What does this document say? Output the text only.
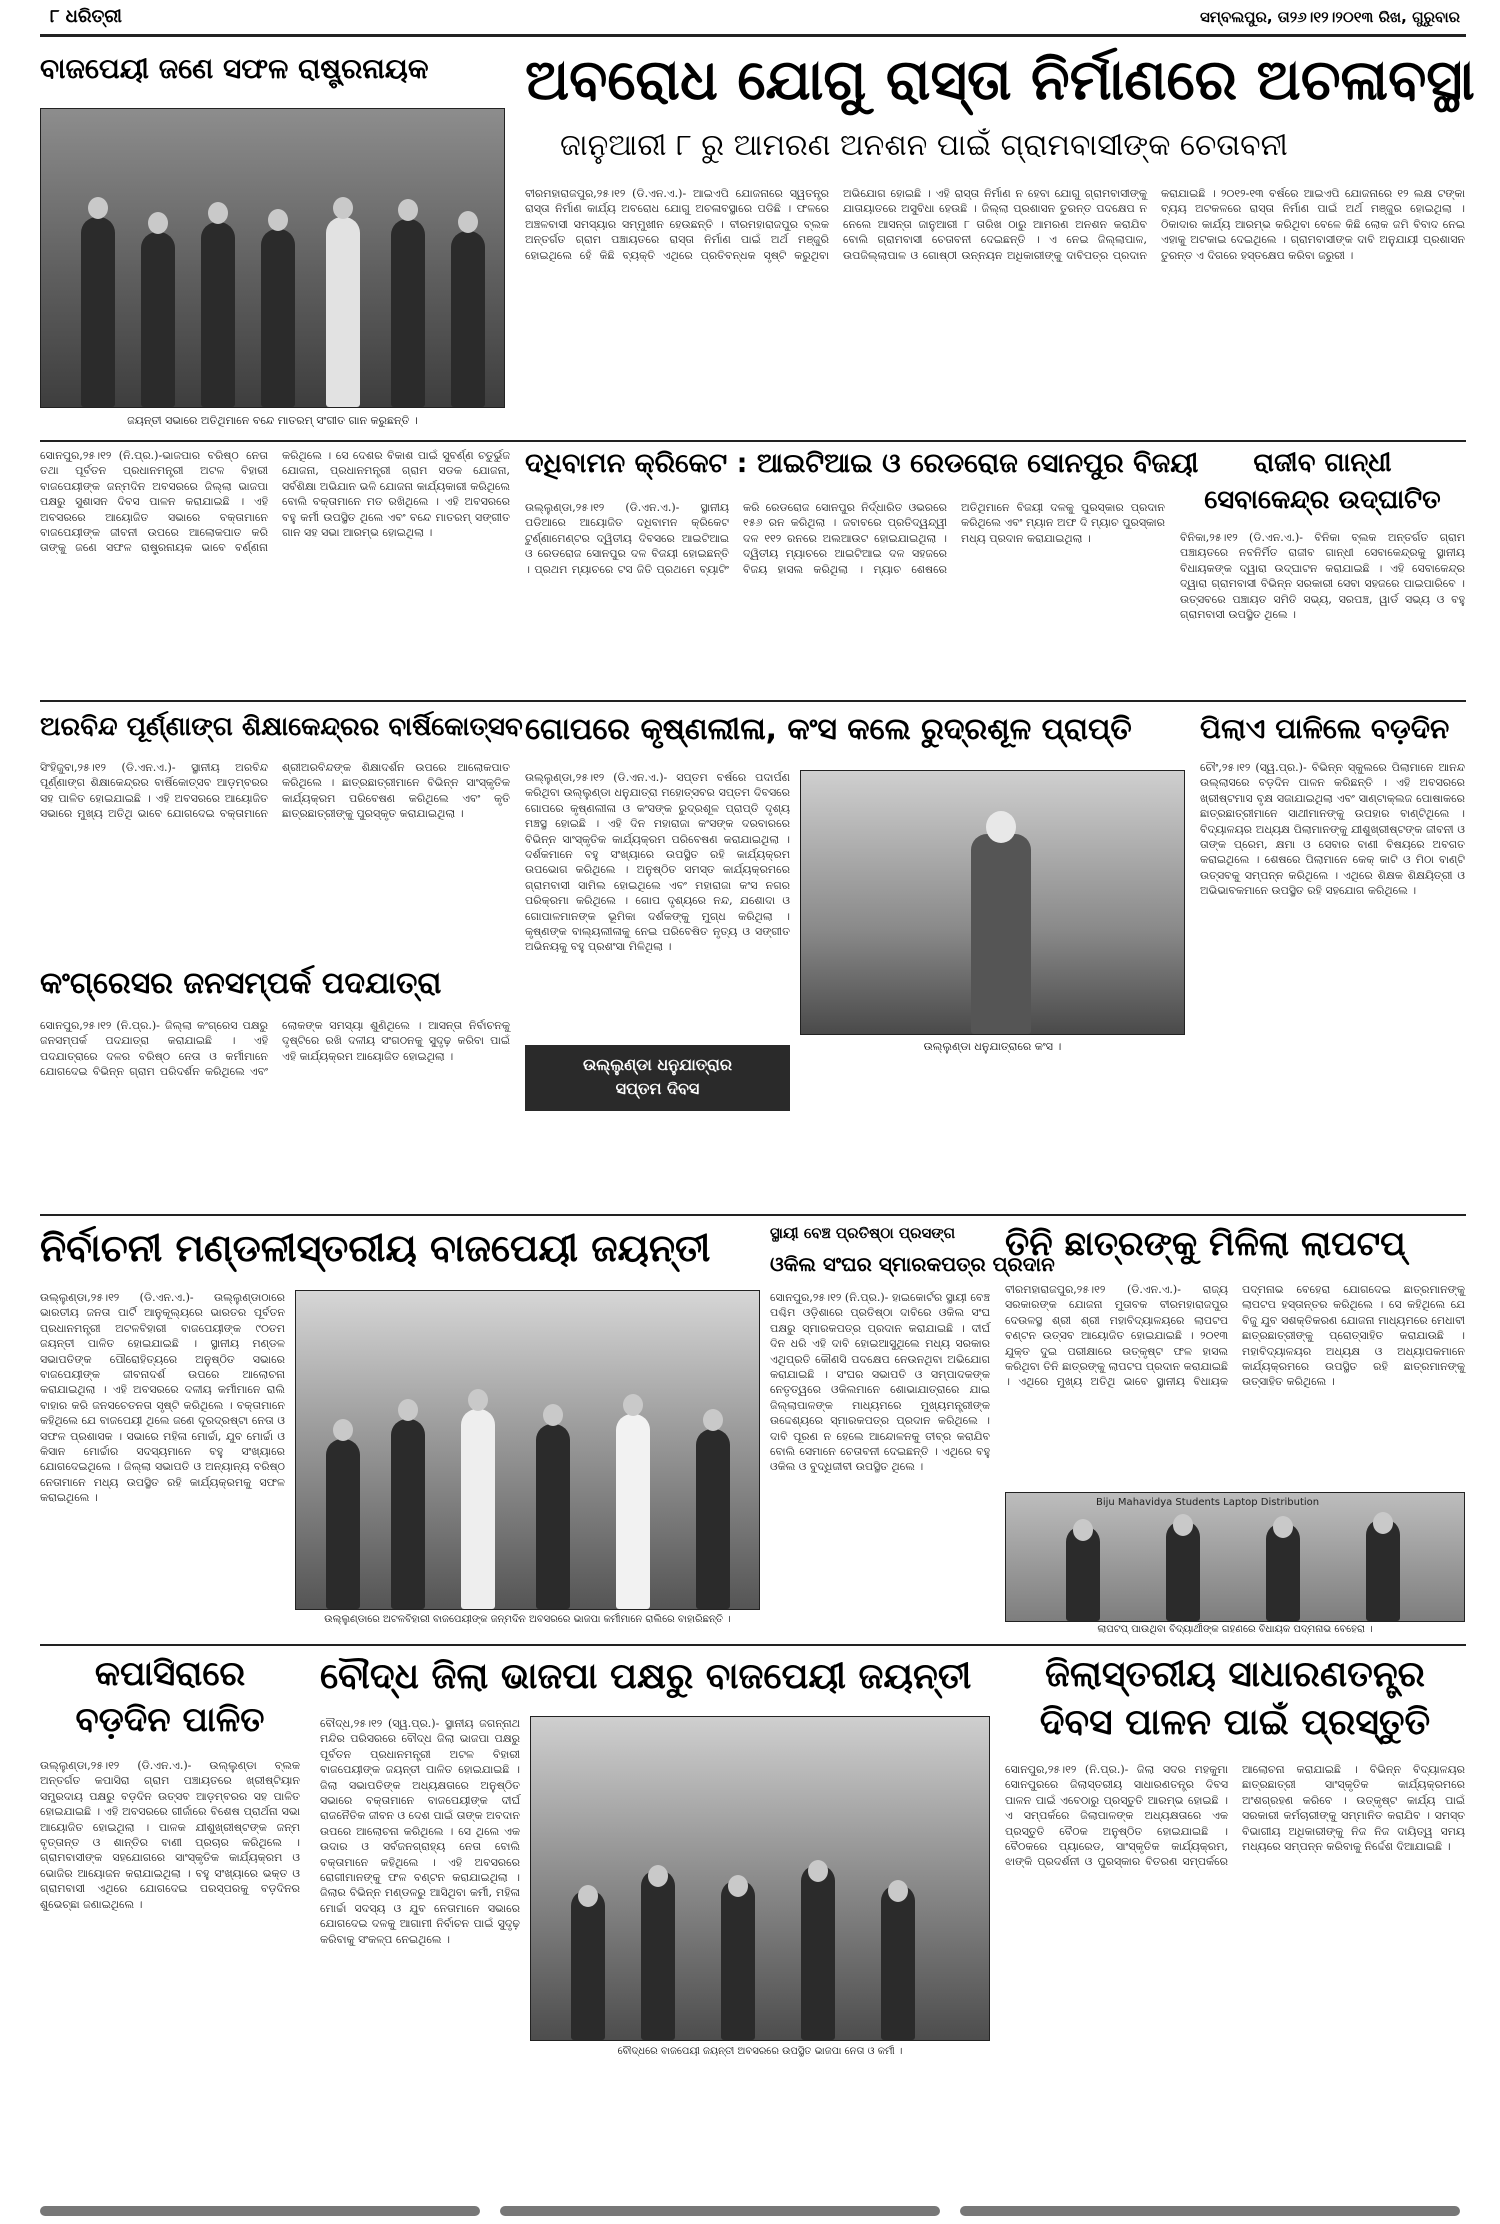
୮ ଧରିତ୍ରୀ	ସମ୍ବଲପୁର, ତା୨୬।୧୨।୨୦୧୩ ରିଖ, ଗୁରୁବାର
ବାଜପେୟୀ ଜଣେ ସଫଳ ରାଷ୍ଟ୍ରନାୟକ
ଜୟନ୍ତୀ ସଭାରେ ଅତିଥିମାନେ ବନ୍ଦେ ମାତରମ୍ ସଂଗୀତ ଗାନ କରୁଛନ୍ତି ।
ଅବରୋଧ ଯୋଗୁ ରାସ୍ତା ନିର୍ମାଣରେ ଅଚଳାବସ୍ଥା
ଜାନୁଆରୀ ୮ ରୁ ଆମରଣ ଅନଶନ ପାଇଁ ଗ୍ରାମବାସୀଙ୍କ ଚେତାବନୀ
ବୀରମହାରାଜପୁର,୨୫।୧୨ (ଡି.ଏନ.ଏ.)- ଆଇଏପି ଯୋଜନାରେ ସ୍ୱତନ୍ତ୍ର ରାସ୍ତା ନିର୍ମାଣ କାର୍ଯ୍ୟ ଅବରୋଧ ଯୋଗୁ ଅଚଳାବସ୍ଥାରେ ପଡିଛି । ଫଳରେ ଅଞ୍ଚଳବାସୀ ସମସ୍ୟାର ସମ୍ମୁଖୀନ ହେଉଛନ୍ତି । ବୀରମହାରାଜପୁର ବ୍ଲକ ଅନ୍ତର୍ଗତ ଗ୍ରାମ ପଞ୍ଚାୟତରେ ରାସ୍ତା ନିର୍ମାଣ ପାଇଁ ଅର୍ଥ ମଞ୍ଜୁରି ହୋଇଥିଲେ ହେଁ କିଛି ବ୍ୟକ୍ତି ଏଥିରେ ପ୍ରତିବନ୍ଧକ ସୃଷ୍ଟି କରୁଥିବା ଅଭିଯୋଗ ହୋଇଛି । ଏହି ରାସ୍ତା ନିର୍ମାଣ ନ ହେବା ଯୋଗୁ ଗ୍ରାମବାସୀଙ୍କୁ ଯାତାୟାତରେ ଅସୁବିଧା ହେଉଛି । ଜିଲ୍ଲା ପ୍ରଶାସନ ତୁରନ୍ତ ପଦକ୍ଷେପ ନ ନେଲେ ଆସନ୍ତା ଜାନୁଆରୀ ୮ ତାରିଖ ଠାରୁ ଆମରଣ ଅନଶନ କରାଯିବ ବୋଲି ଗ୍ରାମବାସୀ ଚେତାବନୀ ଦେଇଛନ୍ତି । ଏ ନେଇ ଜିଲ୍ଲାପାଳ, ଉପଜିଲ୍ଲାପାଳ ଓ ଗୋଷ୍ଠୀ ଉନ୍ନୟନ ଅଧିକାରୀଙ୍କୁ ଦାବିପତ୍ର ପ୍ରଦାନ କରାଯାଇଛି । ୨୦୧୨-୧୩ ବର୍ଷରେ ଆଇଏପି ଯୋଜନାରେ ୧୨ ଲକ୍ଷ ଟଙ୍କା ବ୍ୟୟ ଅଟକଳରେ ରାସ୍ତା ନିର୍ମାଣ ପାଇଁ ଅର୍ଥ ମଞ୍ଜୁର ହୋଇଥିଲା । ଠିକାଦାର କାର୍ଯ୍ୟ ଆରମ୍ଭ କରିଥିବା ବେଳେ କିଛି ଲୋକ ଜମି ବିବାଦ ନେଇ ଏହାକୁ ଅଟକାଇ ଦେଇଥିଲେ । ଗ୍ରାମବାସୀଙ୍କ ଦାବି ଅନୁଯାୟୀ ପ୍ରଶାସନ ତୁରନ୍ତ ଏ ଦିଗରେ ହସ୍ତକ୍ଷେପ କରିବା ଜରୁରୀ ।
ସୋନପୁର,୨୫।୧୨ (ନି.ପ୍ର.)-ଭାଜପାର ବରିଷ୍ଠ ନେତା ତଥା ପୂର୍ବତନ ପ୍ରଧାନମନ୍ତ୍ରୀ ଅଟଳ ବିହାରୀ ବାଜପେୟୀଙ୍କ ଜନ୍ମଦିନ ଅବସରରେ ଜିଲ୍ଲା ଭାଜପା ପକ୍ଷରୁ ସୁଶାସନ ଦିବସ ପାଳନ କରାଯାଇଛି । ଏହି ଅବସରରେ ଆୟୋଜିତ ସଭାରେ ବକ୍ତାମାନେ ବାଜପେୟୀଙ୍କ ଜୀବନୀ ଉପରେ ଆଲୋକପାତ କରି ତାଙ୍କୁ ଜଣେ ସଫଳ ରାଷ୍ଟ୍ରନାୟକ ଭାବେ ବର୍ଣ୍ଣନା କରିଥିଲେ । ସେ ଦେଶର ବିକାଶ ପାଇଁ ସୁବର୍ଣ୍ଣ ଚତୁର୍ଭୁଜ ଯୋଜନା, ପ୍ରଧାନମନ୍ତ୍ରୀ ଗ୍ରାମ ସଡକ ଯୋଜନା, ସର୍ବଶିକ୍ଷା ଅଭିଯାନ ଭଳି ଯୋଜନା କାର୍ଯ୍ୟକାରୀ କରିଥିଲେ ବୋଲି ବକ୍ତାମାନେ ମତ ରଖିଥିଲେ । ଏହି ଅବସରରେ ବହୁ କର୍ମୀ ଉପସ୍ଥିତ ଥିଲେ ଏବଂ ବନ୍ଦେ ମାତରମ୍ ସଙ୍ଗୀତ ଗାନ ସହ ସଭା ଆରମ୍ଭ ହୋଇଥିଲା ।
ଦଧିବାମନ କ୍ରିକେଟ : ଆଇଟିଆଇ ଓ ରେଡରୋଜ ସୋନପୁର ବିଜୟୀ
ଉଲ୍ଲୁଣ୍ଡା,୨୫।୧୨ (ଡି.ଏନ.ଏ.)- ସ୍ଥାନୀୟ ପଡିଆରେ ଆୟୋଜିତ ଦଧିବାମନ କ୍ରିକେଟ ଟୁର୍ଣ୍ଣାମେଣ୍ଟର ଦ୍ୱିତୀୟ ଦିବସରେ ଆଇଟିଆଇ ଓ ରେଡରୋଜ ସୋନପୁର ଦଳ ବିଜୟୀ ହୋଇଛନ୍ତି । ପ୍ରଥମ ମ୍ୟାଚରେ ଟସ ଜିତି ପ୍ରଥମେ ବ୍ୟାଟିଂ କରି ରେଡରୋଜ ସୋନପୁର ନିର୍ଦ୍ଧାରିତ ଓଭରରେ ୧୫୬ ରନ କରିଥିଲା । ଜବାବରେ ପ୍ରତିଦ୍ୱନ୍ଦ୍ୱୀ ଦଳ ୧୧୨ ରନରେ ଅଲଆଉଟ ହୋଇଯାଇଥିଲା । ଦ୍ୱିତୀୟ ମ୍ୟାଚରେ ଆଇଟିଆଇ ଦଳ ସହଜରେ ବିଜୟ ହାସଲ କରିଥିଲା । ମ୍ୟାଚ ଶେଷରେ ଅତିଥିମାନେ ବିଜୟୀ ଦଳକୁ ପୁରସ୍କାର ପ୍ରଦାନ କରିଥିଲେ ଏବଂ ମ୍ୟାନ ଅଫ ଦି ମ୍ୟାଚ ପୁରସ୍କାର ମଧ୍ୟ ପ୍ରଦାନ କରାଯାଇଥିଲା ।
ରାଜୀବ ଗାନ୍ଧୀ
ସେବାକେନ୍ଦ୍ର ଉଦ୍‌ଘାଟିତ
ବିନିକା,୨୫।୧୨ (ଡି.ଏନ.ଏ.)- ବିନିକା ବ୍ଲକ ଅନ୍ତର୍ଗତ ଗ୍ରାମ ପଞ୍ଚାୟତରେ ନବନିର୍ମିତ ରାଜୀବ ଗାନ୍ଧୀ ସେବାକେନ୍ଦ୍ରକୁ ସ୍ଥାନୀୟ ବିଧାୟକଙ୍କ ଦ୍ୱାରା ଉଦ୍‌ଘାଟନ କରାଯାଇଛି । ଏହି ସେବାକେନ୍ଦ୍ର ଦ୍ୱାରା ଗ୍ରାମବାସୀ ବିଭିନ୍ନ ସରକାରୀ ସେବା ସହଜରେ ପାଇପାରିବେ । ଉତ୍ସବରେ ପଞ୍ଚାୟତ ସମିତି ସଭ୍ୟ, ସରପଞ୍ଚ, ୱାର୍ଡ ସଭ୍ୟ ଓ ବହୁ ଗ୍ରାମବାସୀ ଉପସ୍ଥିତ ଥିଲେ ।
ଅରବିନ୍ଦ ପୂର୍ଣ୍ଣାଙ୍ଗ ଶିକ୍ଷାକେନ୍ଦ୍ରର ବାର୍ଷିକୋତ୍ସବ
ସିଂହିଜୁବା,୨୫।୧୨ (ଡି.ଏନ.ଏ.)- ସ୍ଥାନୀୟ ଅରବିନ୍ଦ ପୂର୍ଣ୍ଣାଙ୍ଗ ଶିକ୍ଷାକେନ୍ଦ୍ରର ବାର୍ଷିକୋତ୍ସବ ଆଡ଼ମ୍ବରର ସହ ପାଳିତ ହୋଇଯାଇଛି । ଏହି ଅବସରରେ ଆୟୋଜିତ ସଭାରେ ମୁଖ୍ୟ ଅତିଥି ଭାବେ ଯୋଗଦେଇ ବକ୍ତାମାନେ ଶ୍ରୀଅରବିନ୍ଦଙ୍କ ଶିକ୍ଷାଦର୍ଶନ ଉପରେ ଆଲୋକପାତ କରିଥିଲେ । ଛାତ୍ରଛାତ୍ରୀମାନେ ବିଭିନ୍ନ ସାଂସ୍କୃତିକ କାର୍ଯ୍ୟକ୍ରମ ପରିବେଷଣ କରିଥିଲେ ଏବଂ କୃତି ଛାତ୍ରଛାତ୍ରୀଙ୍କୁ ପୁରସ୍କୃତ କରାଯାଇଥିଲା ।
କଂଗ୍ରେସର ଜନସମ୍ପର୍କ ପଦଯାତ୍ରା
ସୋନପୁର,୨୫।୧୨ (ନି.ପ୍ର.)- ଜିଲ୍ଲା କଂଗ୍ରେସ ପକ୍ଷରୁ ଜନସମ୍ପର୍କ ପଦଯାତ୍ରା କରାଯାଇଛି । ଏହି ପଦଯାତ୍ରାରେ ଦଳର ବରିଷ୍ଠ ନେତା ଓ କର୍ମୀମାନେ ଯୋଗଦେଇ ବିଭିନ୍ନ ଗ୍ରାମ ପରିଦର୍ଶନ କରିଥିଲେ ଏବଂ ଲୋକଙ୍କ ସମସ୍ୟା ଶୁଣିଥିଲେ । ଆସନ୍ତା ନିର୍ବାଚନକୁ ଦୃଷ୍ଟିରେ ରଖି ଦଳୀୟ ସଂଗଠନକୁ ସୁଦୃଢ଼ କରିବା ପାଇଁ ଏହି କାର୍ଯ୍ୟକ୍ରମ ଆୟୋଜିତ ହୋଇଥିଲା ।
ଗୋପରେ କୃଷ୍ଣଲୀଳା, କଂସ କଲେ ରୁଦ୍ରଶୂଳ ପ୍ରାପ୍ତି
ଉଲ୍ଲୁଣ୍ଡା,୨୫।୧୨ (ଡି.ଏନ.ଏ.)- ସପ୍ତମ ବର୍ଷରେ ପଦାର୍ପଣ କରିଥିବା ଉଲ୍ଲୁଣ୍ଡା ଧନୁଯାତ୍ରା ମହୋତ୍ସବର ସପ୍ତମ ଦିବସରେ ଗୋପରେ କୃଷ୍ଣଲୀଳା ଓ କଂସଙ୍କ ରୁଦ୍ରଶୂଳ ପ୍ରାପ୍ତି ଦୃଶ୍ୟ ମଞ୍ଚସ୍ଥ ହୋଇଛି । ଏହି ଦିନ ମହାରାଜା କଂସଙ୍କ ଦରବାରରେ ବିଭିନ୍ନ ସାଂସ୍କୃତିକ କାର୍ଯ୍ୟକ୍ରମ ପରିବେଷଣ କରାଯାଇଥିଲା । ଦର୍ଶକମାନେ ବହୁ ସଂଖ୍ୟାରେ ଉପସ୍ଥିତ ରହି କାର୍ଯ୍ୟକ୍ରମ ଉପଭୋଗ କରିଥିଲେ । ଅନୁଷ୍ଠିତ ସମସ୍ତ କାର୍ଯ୍ୟକ୍ରମରେ ଗ୍ରାମବାସୀ ସାମିଲ ହୋଇଥିଲେ ଏବଂ ମହାରାଜା କଂସ ନଗର ପରିକ୍ରମା କରିଥିଲେ । ଗୋପ ଦୃଶ୍ୟରେ ନନ୍ଦ, ଯଶୋଦା ଓ ଗୋପାଳମାନଙ୍କ ଭୂମିକା ଦର୍ଶକଙ୍କୁ ମୁଗ୍ଧ କରିଥିଲା । କୃଷ୍ଣଙ୍କ ବାଲ୍ୟଲୀଳାକୁ ନେଇ ପରିବେଷିତ ନୃତ୍ୟ ଓ ସଙ୍ଗୀତ ଅଭିନୟକୁ ବହୁ ପ୍ରଶଂସା ମିଳିଥିଲା ।
ଉଲ୍ଲୁଣ୍ଡା ଧନୁଯାତ୍ରାରେ କଂସ ।
ଉଲ୍ଲୁଣ୍ଡା ଧନୁଯାତ୍ରାର
ସପ୍ତମ ଦିବସ
ପିଲାଏ ପାଳିଲେ ବଡ଼ଦିନ
ଚୌଂ,୨୫।୧୨ (ସ୍ୱ.ପ୍ର.)- ବିଭିନ୍ନ ସ୍କୁଲରେ ପିଲାମାନେ ଆନନ୍ଦ ଉଲ୍ଲାସରେ ବଡ଼ଦିନ ପାଳନ କରିଛନ୍ତି । ଏହି ଅବସରରେ ଖ୍ରୀଷ୍ଟମାସ ବୃକ୍ଷ ସଜାଯାଇଥିଲା ଏବଂ ସାଣ୍ଟାକ୍ଲଜ ପୋଷାକରେ ଛାତ୍ରଛାତ୍ରୀମାନେ ସାଥୀମାନଙ୍କୁ ଉପହାର ବାଣ୍ଟିଥିଲେ । ବିଦ୍ୟାଳୟର ଅଧ୍ୟକ୍ଷ ପିଲାମାନଙ୍କୁ ଯୀଶୁଖ୍ରୀଷ୍ଟଙ୍କ ଜୀବନୀ ଓ ତାଙ୍କ ପ୍ରେମ, କ୍ଷମା ଓ ସେବାର ବାଣୀ ବିଷୟରେ ଅବଗତ କରାଇଥିଲେ । ଶେଷରେ ପିଲାମାନେ କେକ୍ କାଟି ଓ ମିଠା ବାଣ୍ଟି ଉତ୍ସବକୁ ସମ୍ପନ୍ନ କରିଥିଲେ । ଏଥିରେ ଶିକ୍ଷକ ଶିକ୍ଷୟିତ୍ରୀ ଓ ଅଭିଭାବକମାନେ ଉପସ୍ଥିତ ରହି ସହଯୋଗ କରିଥିଲେ ।
ନିର୍ବାଚନୀ ମଣ୍ଡଳୀସ୍ତରୀୟ ବାଜପେୟୀ ଜୟନ୍ତୀ
ଉଲ୍ଲୁଣ୍ଡା,୨୫।୧୨ (ଡି.ଏନ.ଏ.)- ଉଲ୍ଲୁଣ୍ଡାଠାରେ ଭାରତୀୟ ଜନତା ପାର୍ଟି ଆନୁକୂଲ୍ୟରେ ଭାରତର ପୂର୍ବତନ ପ୍ରଧାନମନ୍ତ୍ରୀ ଅଟଳବିହାରୀ ବାଜପେୟୀଙ୍କ ୯୦ତମ ଜୟନ୍ତୀ ପାଳିତ ହୋଇଯାଇଛି । ସ୍ଥାନୀୟ ମଣ୍ଡଳ ସଭାପତିଙ୍କ ପୌରୋହିତ୍ୟରେ ଅନୁଷ୍ଠିତ ସଭାରେ ବାଜପେୟୀଙ୍କ ଜୀବନାଦର୍ଶ ଉପରେ ଆଲୋଚନା କରାଯାଇଥିଲା । ଏହି ଅବସରରେ ଦଳୀୟ କର୍ମୀମାନେ ରାଲି ବାହାର କରି ଜନସଚେତନତା ସୃଷ୍ଟି କରିଥିଲେ । ବକ୍ତାମାନେ କହିଥିଲେ ଯେ ବାଜପେୟୀ ଥିଲେ ଜଣେ ଦୂରଦ୍ରଷ୍ଟା ନେତା ଓ ସଫଳ ପ୍ରଶାସକ । ସଭାରେ ମହିଳା ମୋର୍ଚ୍ଚା, ଯୁବ ମୋର୍ଚ୍ଚା ଓ କିସାନ ମୋର୍ଚ୍ଚାର ସଦସ୍ୟମାନେ ବହୁ ସଂଖ୍ୟାରେ ଯୋଗଦେଇଥିଲେ । ଜିଲ୍ଲା ସଭାପତି ଓ ଅନ୍ୟାନ୍ୟ ବରିଷ୍ଠ ନେତାମାନେ ମଧ୍ୟ ଉପସ୍ଥିତ ରହି କାର୍ଯ୍ୟକ୍ରମକୁ ସଫଳ କରାଇଥିଲେ ।
ଉଲ୍ଲୁଣ୍ଡାରେ ଅଟଳବିହାରୀ ବାଜପେୟୀଙ୍କ ଜନ୍ମଦିନ ଅବସରରେ ଭାଜପା କର୍ମୀମାନେ ରାଲିରେ ବାହାରିଛନ୍ତି ।
ସ୍ଥାୟୀ ବେଞ୍ଚ ପ୍ରତିଷ୍ଠା ପ୍ରସଙ୍ଗ
ଓକିଲ ସଂଘର ସ୍ମାରକପତ୍ର ପ୍ରଦାନ
ସୋନପୁର,୨୫।୧୨ (ନି.ପ୍ର.)- ହାଇକୋର୍ଟର ସ୍ଥାୟୀ ବେଞ୍ଚ ପଶ୍ଚିମ ଓଡ଼ିଶାରେ ପ୍ରତିଷ୍ଠା ଦାବିରେ ଓକିଲ ସଂଘ ପକ୍ଷରୁ ସ୍ମାରକପତ୍ର ପ୍ରଦାନ କରାଯାଇଛି । ଦୀର୍ଘ ଦିନ ଧରି ଏହି ଦାବି ହୋଇଆସୁଥିଲେ ମଧ୍ୟ ସରକାର ଏଥିପ୍ରତି କୌଣସି ପଦକ୍ଷେପ ନେଉନଥିବା ଅଭିଯୋଗ କରାଯାଇଛି । ସଂଘର ସଭାପତି ଓ ସମ୍ପାଦକଙ୍କ ନେତୃତ୍ୱରେ ଓକିଲମାନେ ଶୋଭାଯାତ୍ରାରେ ଯାଇ ଜିଲ୍ଲାପାଳଙ୍କ ମାଧ୍ୟମରେ ମୁଖ୍ୟମନ୍ତ୍ରୀଙ୍କ ଉଦ୍ଦେଶ୍ୟରେ ସ୍ମାରକପତ୍ର ପ୍ରଦାନ କରିଥିଲେ । ଦାବି ପୂରଣ ନ ହେଲେ ଆନ୍ଦୋଳନକୁ ତୀବ୍ର କରାଯିବ ବୋଲି ସେମାନେ ଚେତାବନୀ ଦେଇଛନ୍ତି । ଏଥିରେ ବହୁ ଓକିଲ ଓ ବୁଦ୍ଧିଜୀବୀ ଉପସ୍ଥିତ ଥିଲେ ।
ତିନି ଛାତ୍ରଙ୍କୁ ମିଳିଲା ଲାପଟପ୍
ବୀରମହାରାଜପୁର,୨୫।୧୨ (ଡି.ଏନ.ଏ.)- ରାଜ୍ୟ ସରକାରଙ୍କ ଯୋଜନା ମୁତାବକ ବୀରମହାରାଜପୁର ଦେଉଳସ୍ଥ ଶ୍ରୀ ଶ୍ରୀ ମହାବିଦ୍ୟାଳୟରେ ଲାପଟପ ବଣ୍ଟନ ଉତ୍ସବ ଆୟୋଜିତ ହୋଇଯାଇଛି । ୨୦୧୩ ଯୁକ୍ତ ଦୁଇ ପରୀକ୍ଷାରେ ଉତ୍କୃଷ୍ଟ ଫଳ ହାସଲ କରିଥିବା ତିନି ଛାତ୍ରଙ୍କୁ ଲାପଟପ ପ୍ରଦାନ କରାଯାଇଛି । ଏଥିରେ ମୁଖ୍ୟ ଅତିଥି ଭାବେ ସ୍ଥାନୀୟ ବିଧାୟକ ପଦ୍ମନାଭ ବେହେରା ଯୋଗଦେଇ ଛାତ୍ରମାନଙ୍କୁ ଲାପଟପ ହସ୍ତାନ୍ତର କରିଥିଲେ । ସେ କହିଥିଲେ ଯେ ବିଜୁ ଯୁବ ସଶକ୍ତିକରଣ ଯୋଜନା ମାଧ୍ୟମରେ ମେଧାବୀ ଛାତ୍ରଛାତ୍ରୀଙ୍କୁ ପ୍ରୋତ୍ସାହିତ କରାଯାଉଛି । ମହାବିଦ୍ୟାଳୟର ଅଧ୍ୟକ୍ଷ ଓ ଅଧ୍ୟାପକମାନେ କାର୍ଯ୍ୟକ୍ରମରେ ଉପସ୍ଥିତ ରହି ଛାତ୍ରମାନଙ୍କୁ ଉତ୍ସାହିତ କରିଥିଲେ ।
Biju Mahavidya Students Laptop Distribution
ଲାପଟପ୍ ପାଉଥିବା ବିଦ୍ୟାର୍ଥୀଙ୍କ ଗହଣରେ ବିଧାୟକ ପଦ୍ମନାଭ ବେହେରା ।
କପାସିରାରେ
ବଡ଼ଦିନ ପାଳିତ
ଉଲ୍ଲୁଣ୍ଡା,୨୫।୧୨ (ଡି.ଏନ.ଏ.)- ଉଲ୍ଲୁଣ୍ଡା ବ୍ଲକ ଅନ୍ତର୍ଗତ କପାସିରା ଗ୍ରାମ ପଞ୍ଚାୟତରେ ଖ୍ରୀଷ୍ଟିୟାନ ସମ୍ପ୍ରଦାୟ ପକ୍ଷରୁ ବଡ଼ଦିନ ଉତ୍ସବ ଆଡ଼ମ୍ବରର ସହ ପାଳିତ ହୋଇଯାଇଛି । ଏହି ଅବସରରେ ଗୀର୍ଜାରେ ବିଶେଷ ପ୍ରାର୍ଥନା ସଭା ଆୟୋଜିତ ହୋଇଥିଲା । ପାଳକ ଯୀଶୁଖ୍ରୀଷ୍ଟଙ୍କ ଜନ୍ମ ବୃତ୍ତାନ୍ତ ଓ ଶାନ୍ତିର ବାଣୀ ପ୍ରଚାର କରିଥିଲେ । ଗ୍ରାମବାସୀଙ୍କ ସହଯୋଗରେ ସାଂସ୍କୃତିକ କାର୍ଯ୍ୟକ୍ରମ ଓ ଭୋଜିର ଆୟୋଜନ କରାଯାଇଥିଲା । ବହୁ ସଂଖ୍ୟାରେ ଭକ୍ତ ଓ ଗ୍ରାମବାସୀ ଏଥିରେ ଯୋଗଦେଇ ପରସ୍ପରକୁ ବଡ଼ଦିନର ଶୁଭେଚ୍ଛା ଜଣାଇଥିଲେ ।
ବୌଦ୍ଧ ଜିଲା ଭାଜପା ପକ୍ଷରୁ ବାଜପେୟୀ ଜୟନ୍ତୀ
ବୌଦ୍ଧ,୨୫।୧୨ (ସ୍ୱ.ପ୍ର.)- ସ୍ଥାନୀୟ ଜଗନ୍ନାଥ ମନ୍ଦିର ପରିସରରେ ବୌଦ୍ଧ ଜିଲା ଭାଜପା ପକ୍ଷରୁ ପୂର୍ବତନ ପ୍ରଧାନମନ୍ତ୍ରୀ ଅଟଳ ବିହାରୀ ବାଜପେୟୀଙ୍କ ଜୟନ୍ତୀ ପାଳିତ ହୋଇଯାଇଛି । ଜିଲା ସଭାପତିଙ୍କ ଅଧ୍ୟକ୍ଷତାରେ ଅନୁଷ୍ଠିତ ସଭାରେ ବକ୍ତାମାନେ ବାଜପେୟୀଙ୍କ ଦୀର୍ଘ ରାଜନୈତିକ ଜୀବନ ଓ ଦେଶ ପାଇଁ ତାଙ୍କ ଅବଦାନ ଉପରେ ଆଲୋଚନା କରିଥିଲେ । ସେ ଥିଲେ ଏକ ଉଦାର ଓ ସର୍ବଜନଗ୍ରାହ୍ୟ ନେତା ବୋଲି ବକ୍ତାମାନେ କହିଥିଲେ । ଏହି ଅବସରରେ ରୋଗୀମାନଙ୍କୁ ଫଳ ବଣ୍ଟନ କରାଯାଇଥିଲା । ଜିଲାର ବିଭିନ୍ନ ମଣ୍ଡଳରୁ ଆସିଥିବା କର୍ମୀ, ମହିଳା ମୋର୍ଚ୍ଚା ସଦସ୍ୟ ଓ ଯୁବ ନେତାମାନେ ସଭାରେ ଯୋଗଦେଇ ଦଳକୁ ଆଗାମୀ ନିର୍ବାଚନ ପାଇଁ ସୁଦୃଢ଼ କରିବାକୁ ସଂକଳ୍ପ ନେଇଥିଲେ ।
ବୌଦ୍ଧରେ ବାଜପେୟୀ ଜୟନ୍ତୀ ଅବସରରେ ଉପସ୍ଥିତ ଭାଜପା ନେତା ଓ କର୍ମୀ ।
ଜିଲାସ୍ତରୀୟ ସାଧାରଣତନ୍ତ୍ର
ଦିବସ ପାଳନ ପାଇଁ ପ୍ରସ୍ତୁତି
ସୋନପୁର,୨୫।୧୨ (ନି.ପ୍ର.)- ଜିଲା ସଦର ମହକୁମା ସୋନପୁରରେ ଜିଲାସ୍ତରୀୟ ସାଧାରଣତନ୍ତ୍ର ଦିବସ ପାଳନ ପାଇଁ ଏବେଠାରୁ ପ୍ରସ୍ତୁତି ଆରମ୍ଭ ହୋଇଛି । ଏ ସମ୍ପର୍କରେ ଜିଲାପାଳଙ୍କ ଅଧ୍ୟକ୍ଷତାରେ ଏକ ପ୍ରସ୍ତୁତି ବୈଠକ ଅନୁଷ୍ଠିତ ହୋଇଯାଇଛି । ବୈଠକରେ ପ୍ୟାରେଡ, ସାଂସ୍କୃତିକ କାର୍ଯ୍ୟକ୍ରମ, ଝାଙ୍କି ପ୍ରଦର୍ଶନୀ ଓ ପୁରସ୍କାର ବିତରଣ ସମ୍ପର୍କରେ ଆଲୋଚନା କରାଯାଇଛି । ବିଭିନ୍ନ ବିଦ୍ୟାଳୟର ଛାତ୍ରଛାତ୍ରୀ ସାଂସ୍କୃତିକ କାର୍ଯ୍ୟକ୍ରମରେ ଅଂଶଗ୍ରହଣ କରିବେ । ଉତ୍କୃଷ୍ଟ କାର୍ଯ୍ୟ ପାଇଁ ସରକାରୀ କର୍ମଚାରୀଙ୍କୁ ସମ୍ମାନିତ କରାଯିବ । ସମସ୍ତ ବିଭାଗୀୟ ଅଧିକାରୀଙ୍କୁ ନିଜ ନିଜ ଦାୟିତ୍ୱ ସମୟ ମଧ୍ୟରେ ସମ୍ପନ୍ନ କରିବାକୁ ନିର୍ଦ୍ଦେଶ ଦିଆଯାଇଛି ।
